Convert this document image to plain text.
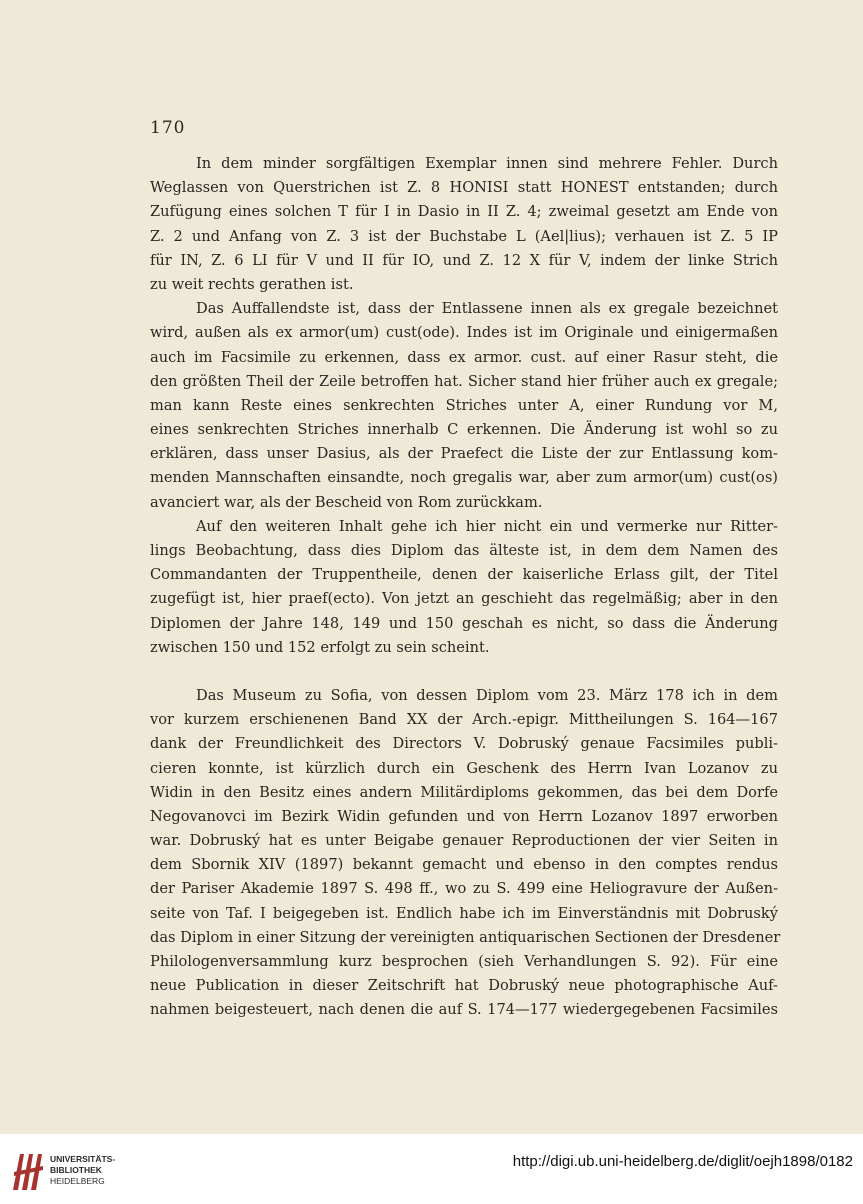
170
In dem minder sorgfältigen Exemplar innen sind mehrere Fehler. Durch
Weglassen von Querstrichen ist Z. 8 HONISI statt HONEST entstanden; durch
Zufügung eines solchen T für I in Dasio in II Z. 4; zweimal gesetzt am Ende von
Z. 2 und Anfang von Z. 3 ist der Buchstabe L (Ael|lius); verhauen ist Z. 5 IP
für IN, Z. 6 LI für V und II für IO, und Z. 12 X für V, indem der linke Strich
zu weit rechts gerathen ist.
Das Auffallendste ist, dass der Entlassene innen als ex gregale bezeichnet
wird, außen als ex armor(um) cust(ode). Indes ist im Originale und einigermaßen
auch im Facsimile zu erkennen, dass ex armor. cust. auf einer Rasur steht, die
den größten Theil der Zeile betroffen hat. Sicher stand hier früher auch ex gregale;
man kann Reste eines senkrechten Striches unter A, einer Rundung vor M,
eines senkrechten Striches innerhalb C erkennen. Die Änderung ist wohl so zu
erklären, dass unser Dasius, als der Praefect die Liste der zur Entlassung kom-
menden Mannschaften einsandte, noch gregalis war, aber zum armor(um) cust(os)
avanciert war, als der Bescheid von Rom zurückkam.
Auf den weiteren Inhalt gehe ich hier nicht ein und vermerke nur Ritter-
lings Beobachtung, dass dies Diplom das älteste ist, in dem dem Namen des
Commandanten der Truppentheile, denen der kaiserliche Erlass gilt, der Titel
zugefügt ist, hier praef(ecto). Von jetzt an geschieht das regelmäßig; aber in den
Diplomen der Jahre 148, 149 und 150 geschah es nicht, so dass die Änderung
zwischen 150 und 152 erfolgt zu sein scheint.
Das Museum zu Sofia, von dessen Diplom vom 23. März 178 ich in dem
vor kurzem erschienenen Band XX der Arch.-epigr. Mittheilungen S. 164—167
dank der Freundlichkeit des Directors V. Dobruský genaue Facsimiles publi-
cieren konnte, ist kürzlich durch ein Geschenk des Herrn Ivan Lozanov zu
Widin in den Besitz eines andern Militärdiploms gekommen, das bei dem Dorfe
Negovanovci im Bezirk Widin gefunden und von Herrn Lozanov 1897 erworben
war. Dobruský hat es unter Beigabe genauer Reproductionen der vier Seiten in
dem Sbornik XIV (1897) bekannt gemacht und ebenso in den comptes rendus
der Pariser Akademie 1897 S. 498 ff., wo zu S. 499 eine Heliogravure der Außen-
seite von Taf. I beigegeben ist. Endlich habe ich im Einverständnis mit Dobruský
das Diplom in einer Sitzung der vereinigten antiquarischen Sectionen der Dresdener
Philologenversammlung kurz besprochen (sieh Verhandlungen S. 92). Für eine
neue Publication in dieser Zeitschrift hat Dobruský neue photographische Auf-
nahmen beigesteuert, nach denen die auf S. 174—177 wiedergegebenen Facsimiles
UNIVERSITÄTS-
BIBLIOTHEK
HEIDELBERG
http://digi.ub.uni-heidelberg.de/diglit/oejh1898/0182
